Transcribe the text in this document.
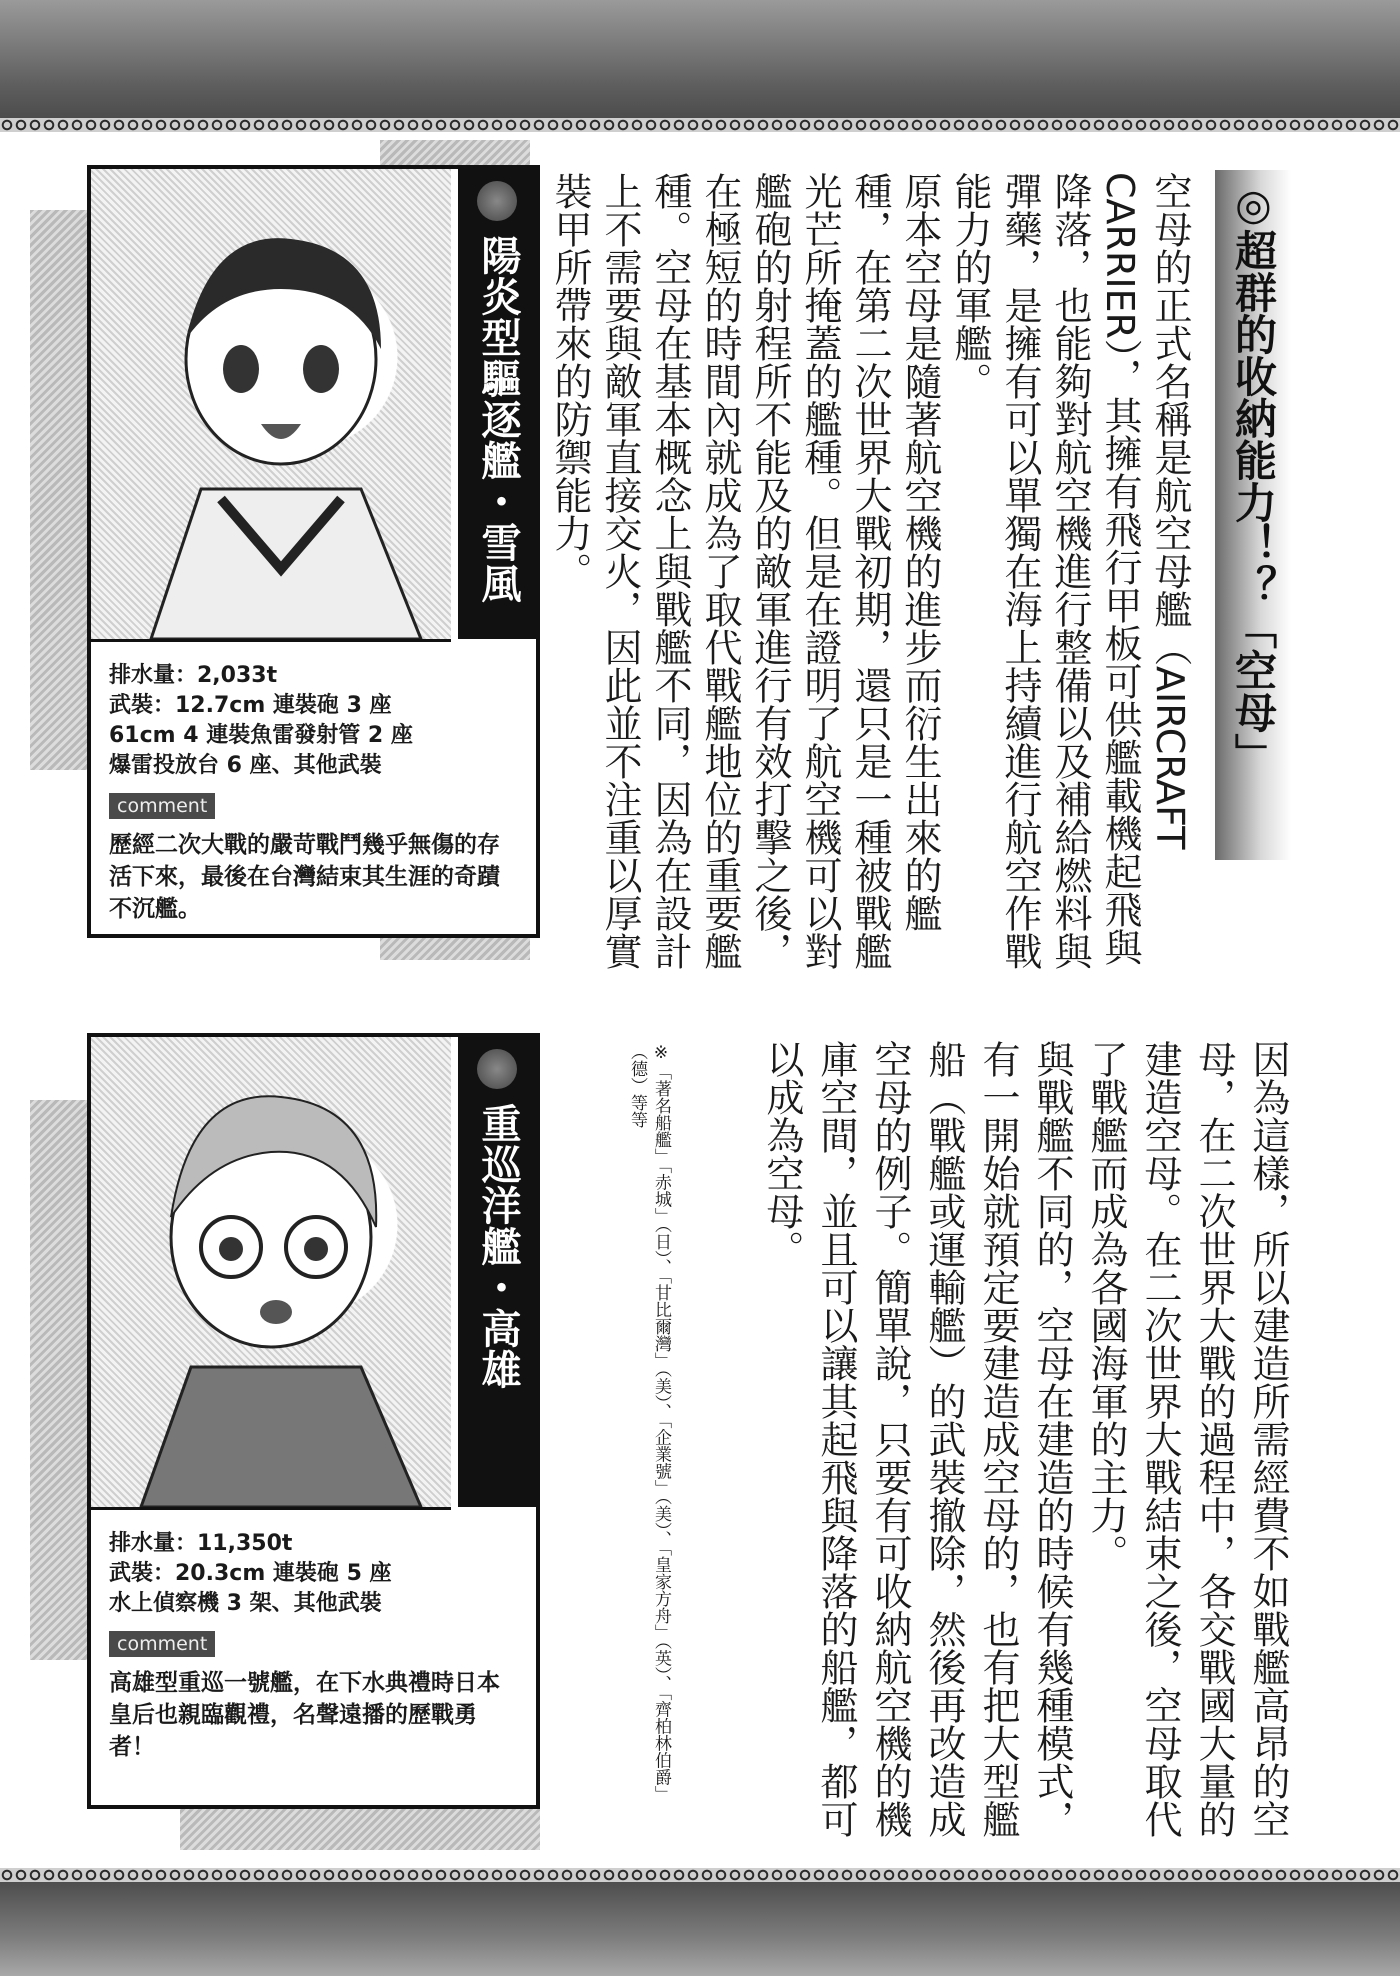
陽炎型驅逐艦・雪風
排水量：2,033t
武裝：12.7cm 連裝砲 3 座
61cm 4 連裝魚雷發射管 2 座
爆雷投放台 6 座、其他武裝
comment
歷經二次大戰的嚴苛戰鬥幾乎無傷的存活下來，最後在台灣結束其生涯的奇蹟不沉艦。
重巡洋艦・高雄
排水量：11,350t
武裝：20.3cm 連裝砲 5 座
水上偵察機 3 架、其他武裝
comment
高雄型重巡一號艦，在下水典禮時日本皇后也親臨觀禮，名聲遠播的歷戰勇者！
◎超群的收納能力！？「空母」

空母的正式名稱是航空母艦（AIRCRAFT CARRIER），其擁有飛行甲板可供艦載機起飛與降落，也能夠對航空機進行整備以及補給燃料與彈藥，是擁有可以單獨在海上持續進行航空作戰能力的軍艦。

原本空母是隨著航空機的進步而衍生出來的艦種，在第二次世界大戰初期，還只是一種被戰艦光芒所掩蓋的艦種。但是在證明了航空機可以對艦砲的射程所不能及的敵軍進行有效打擊之後，在極短的時間內就成為了取代戰艦地位的重要艦種。空母在基本概念上與戰艦不同，因為在設計上不需要與敵軍直接交火，因此並不注重以厚實裝甲所帶來的防禦能力。

因為這樣，所以建造所需經費不如戰艦高昂的空母，在二次世界大戰的過程中，各交戰國大量的建造空母。在二次世界大戰結束之後，空母取代了戰艦而成為各國海軍的主力。

與戰艦不同的，空母在建造的時候有幾種模式，有一開始就預定要建造成空母的，也有把大型艦船（戰艦或運輸艦）的武裝撤除，然後再改造成空母的例子。簡單說，只要有可收納航空機的機庫空間，並且可以讓其起飛與降落的船艦，都可以成為空母。

※「著名船艦」「赤城」（日）、「甘比爾灣」（美）、「企業號」（美）、「皇家方舟」（英）、「齊柏林伯爵」（德）等等
